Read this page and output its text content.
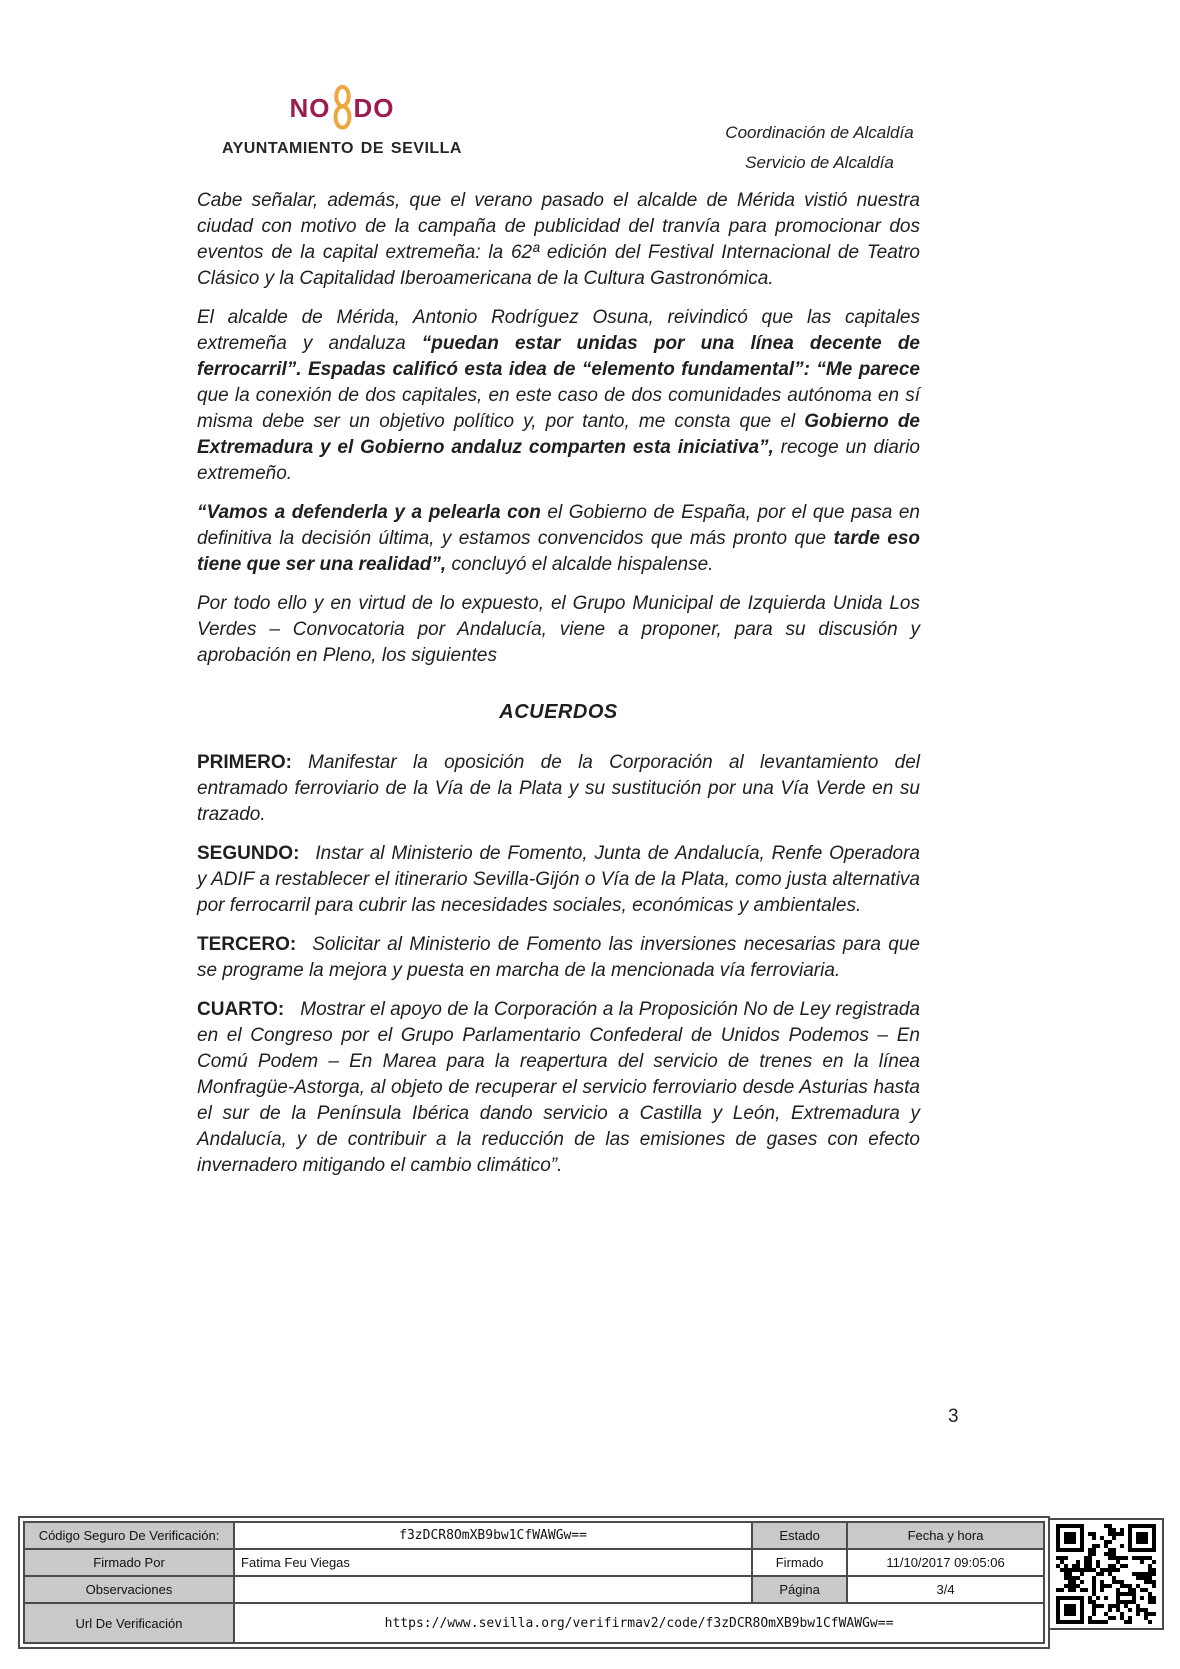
NO DO
ayuntamiento de sevilla	Coordinación de Alcaldía
Servicio de Alcaldía

Cabe señalar, además, que el verano pasado el alcalde de Mérida vistió nuestra ciudad con motivo de la campaña de publicidad del tranvía para promocionar dos eventos de la capital extremeña: la 62ª edición del Festival Internacional de Teatro Clásico y la Capitalidad Iberoamericana de la Cultura Gastronómica.

El alcalde de Mérida, Antonio Rodríguez Osuna, reivindicó que las capitales extremeña y andaluza “puedan estar unidas por una línea decente de ferrocarril”. Espadas calificó esta idea de “elemento fundamental”: “Me parece que la conexión de dos capitales, en este caso de dos comunidades autónoma en sí misma debe ser un objetivo político y, por tanto, me consta que el Gobierno de Extremadura y el Gobierno andaluz comparten esta iniciativa”, recoge un diario extremeño.

“Vamos a defenderla y a pelearla con el Gobierno de España, por el que pasa en definitiva la decisión última, y estamos convencidos que más pronto que tarde eso tiene que ser una realidad”, concluyó el alcalde hispalense.

Por todo ello y en virtud de lo expuesto, el Grupo Municipal de Izquierda Unida Los Verdes – Convocatoria por Andalucía, viene a proponer, para su discusión y aprobación en Pleno, los siguientes

ACUERDOS

PRIMERO: Manifestar la oposición de la Corporación al levantamiento del entramado ferroviario de la Vía de la Plata y su sustitución por una Vía Verde en su trazado.

SEGUNDO: Instar al Ministerio de Fomento, Junta de Andalucía, Renfe Operadora y ADIF a restablecer el itinerario Sevilla-Gijón o Vía de la Plata, como justa alternativa por ferrocarril para cubrir las necesidades sociales, económicas y ambientales.

TERCERO: Solicitar al Ministerio de Fomento las inversiones necesarias para que se programe la mejora y puesta en marcha de la mencionada vía ferroviaria.

CUARTO: Mostrar el apoyo de la Corporación a la Proposición No de Ley registrada en el Congreso por el Grupo Parlamentario Confederal de Unidos Podemos – En Comú Podem – En Marea para la reapertura del servicio de trenes en la línea Monfragüe-Astorga, al objeto de recuperar el servicio ferroviario desde Asturias hasta el sur de la Península Ibérica dando servicio a Castilla y León, Extremadura y Andalucía, y de contribuir a la reducción de las emisiones de gases con efecto invernadero mitigando el cambio climático”.

3
Código Seguro De Verificación:	f3zDCR8OmXB9bw1CfWAWGw==	Estado	Fecha y hora
Firmado Por	Fatima Feu Viegas	Firmado	11/10/2017 09:05:06
Observaciones		Página	3/4
Url De Verificación	https://www.sevilla.org/verifirmav2/code/f3zDCR8OmXB9bw1CfWAWGw==		
